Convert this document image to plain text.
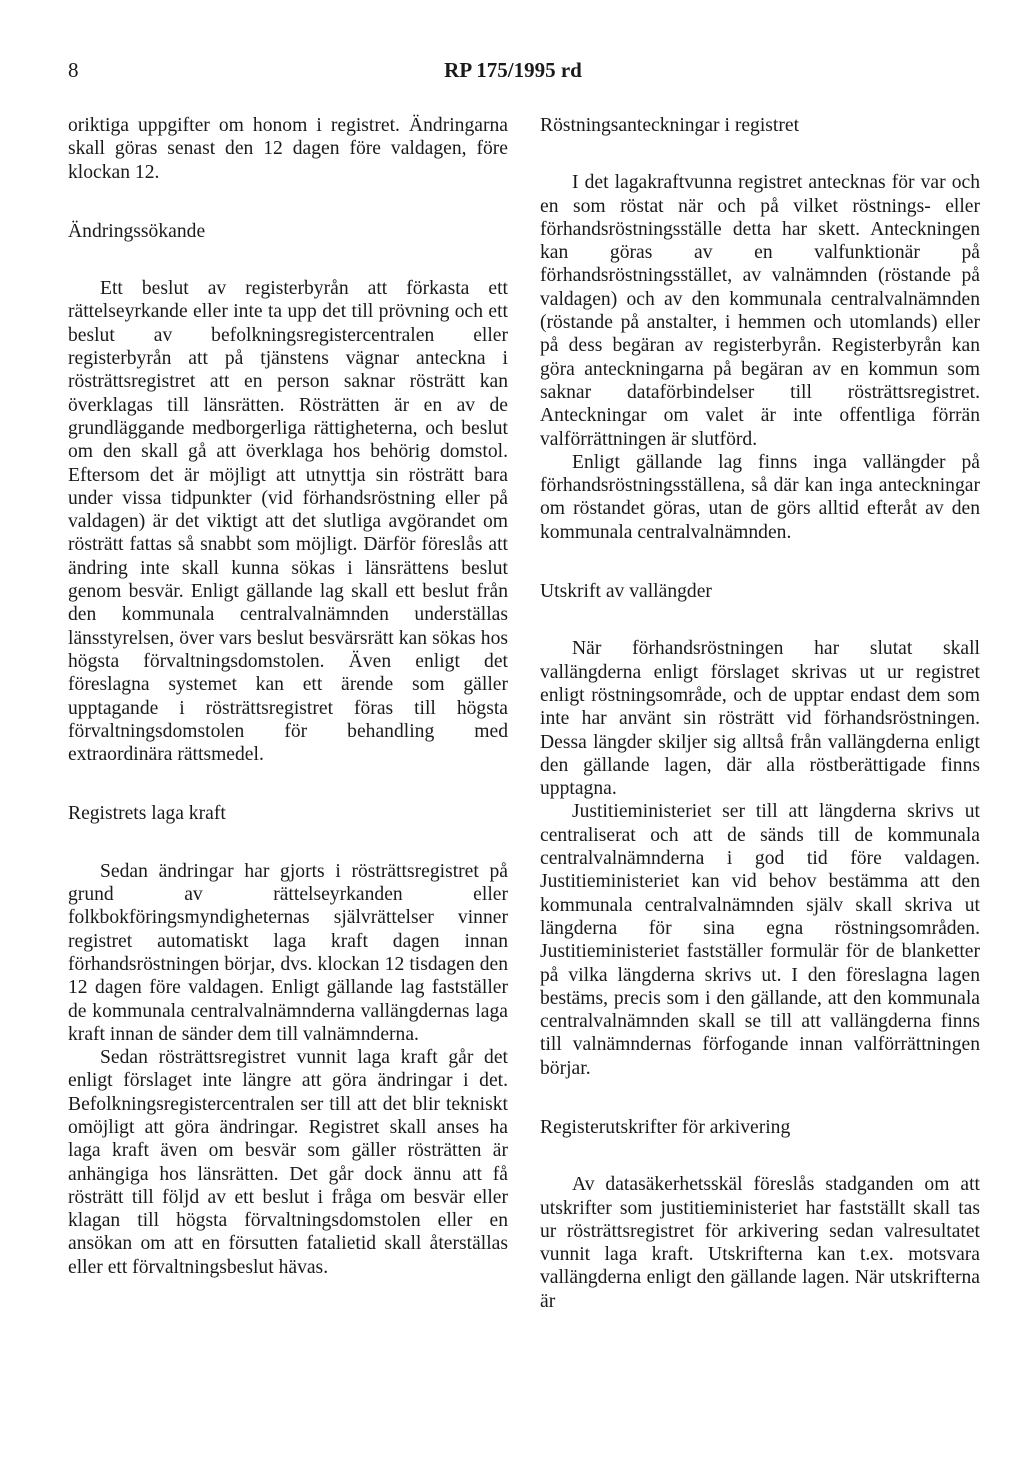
8	RP 175/1995 rd

oriktiga uppgifter om honom i registret. Ändringarna skall göras senast den 12 dagen före valdagen, före klockan 12.

Ändringssökande

Ett beslut av registerbyrån att förkasta ett rättelseyrkande eller inte ta upp det till prövning och ett beslut av befolkningsregistercentralen eller registerbyrån att på tjänstens vägnar anteckna i rösträttsregistret att en person saknar rösträtt kan överklagas till länsrätten. Rösträtten är en av de grundläggande medborgerliga rättigheterna, och beslut om den skall gå att överklaga hos behörig domstol. Eftersom det är möjligt att utnyttja sin rösträtt bara under vissa tidpunkter (vid förhandsröstning eller på valdagen) är det viktigt att det slutliga avgörandet om rösträtt fattas så snabbt som möjligt. Därför föreslås att ändring inte skall kunna sökas i länsrättens beslut genom besvär. Enligt gällande lag skall ett beslut från den kommunala centralvalnämnden underställas länsstyrelsen, över vars beslut besvärsrätt kan sökas hos högsta förvaltningsdomstolen. Även enligt det föreslagna systemet kan ett ärende som gäller upptagande i rösträttsregistret föras till högsta förvaltningsdomstolen för behandling med extraordinära rättsmedel.

Registrets laga kraft

Sedan ändringar har gjorts i rösträttsregistret på grund av rättelseyrkanden eller folkbokföringsmyndigheternas självrättelser vinner registret automatiskt laga kraft dagen innan förhandsröstningen börjar, dvs. klockan 12 tisdagen den 12 dagen före valdagen. Enligt gällande lag fastställer de kommunala centralvalnämnderna vallängdernas laga kraft innan de sänder dem till valnämnderna.

Sedan rösträttsregistret vunnit laga kraft går det enligt förslaget inte längre att göra ändringar i det. Befolkningsregistercentralen ser till att det blir tekniskt omöjligt att göra ändringar. Registret skall anses ha laga kraft även om besvär som gäller rösträtten är anhängiga hos länsrätten. Det går dock ännu att få rösträtt till följd av ett beslut i fråga om besvär eller klagan till högsta förvaltningsdomstolen eller en ansökan om att en försutten fatalietid skall återställas eller ett förvaltningsbeslut hävas.

Röstningsanteckningar i registret

I det lagakraftvunna registret antecknas för var och en som röstat när och på vilket röstnings- eller förhandsröstningsställe detta har skett. Anteckningen kan göras av en valfunktionär på förhandsröstningsstället, av valnämnden (röstande på valdagen) och av den kommunala centralvalnämnden (röstande på anstalter, i hemmen och utomlands) eller på dess begäran av registerbyrån. Registerbyrån kan göra anteckningarna på begäran av en kommun som saknar dataförbindelser till rösträttsregistret. Anteckningar om valet är inte offentliga förrän valförrättningen är slutförd.

Enligt gällande lag finns inga vallängder på förhandsröstningsställena, så där kan inga anteckningar om röstandet göras, utan de görs alltid efteråt av den kommunala centralvalnämnden.

Utskrift av vallängder

När förhandsröstningen har slutat skall vallängderna enligt förslaget skrivas ut ur registret enligt röstningsområde, och de upptar endast dem som inte har använt sin rösträtt vid förhandsröstningen. Dessa längder skiljer sig alltså från vallängderna enligt den gällande lagen, där alla röstberättigade finns upptagna.

Justitieministeriet ser till att längderna skrivs ut centraliserat och att de sänds till de kommunala centralvalnämnderna i god tid före valdagen. Justitieministeriet kan vid behov bestämma att den kommunala centralvalnämnden själv skall skriva ut längderna för sina egna röstningsområden. Justitieministeriet fastställer formulär för de blanketter på vilka längderna skrivs ut. I den föreslagna lagen bestäms, precis som i den gällande, att den kommunala centralvalnämnden skall se till att vallängderna finns till valnämndernas förfogande innan valförrättningen börjar.

Registerutskrifter för arkivering

Av datasäkerhetsskäl föreslås stadganden om att utskrifter som justitieministeriet har fastställt skall tas ur rösträttsregistret för arkivering sedan valresultatet vunnit laga kraft. Utskrifterna kan t.ex. motsvara vallängderna enligt den gällande lagen. När utskrifterna är
